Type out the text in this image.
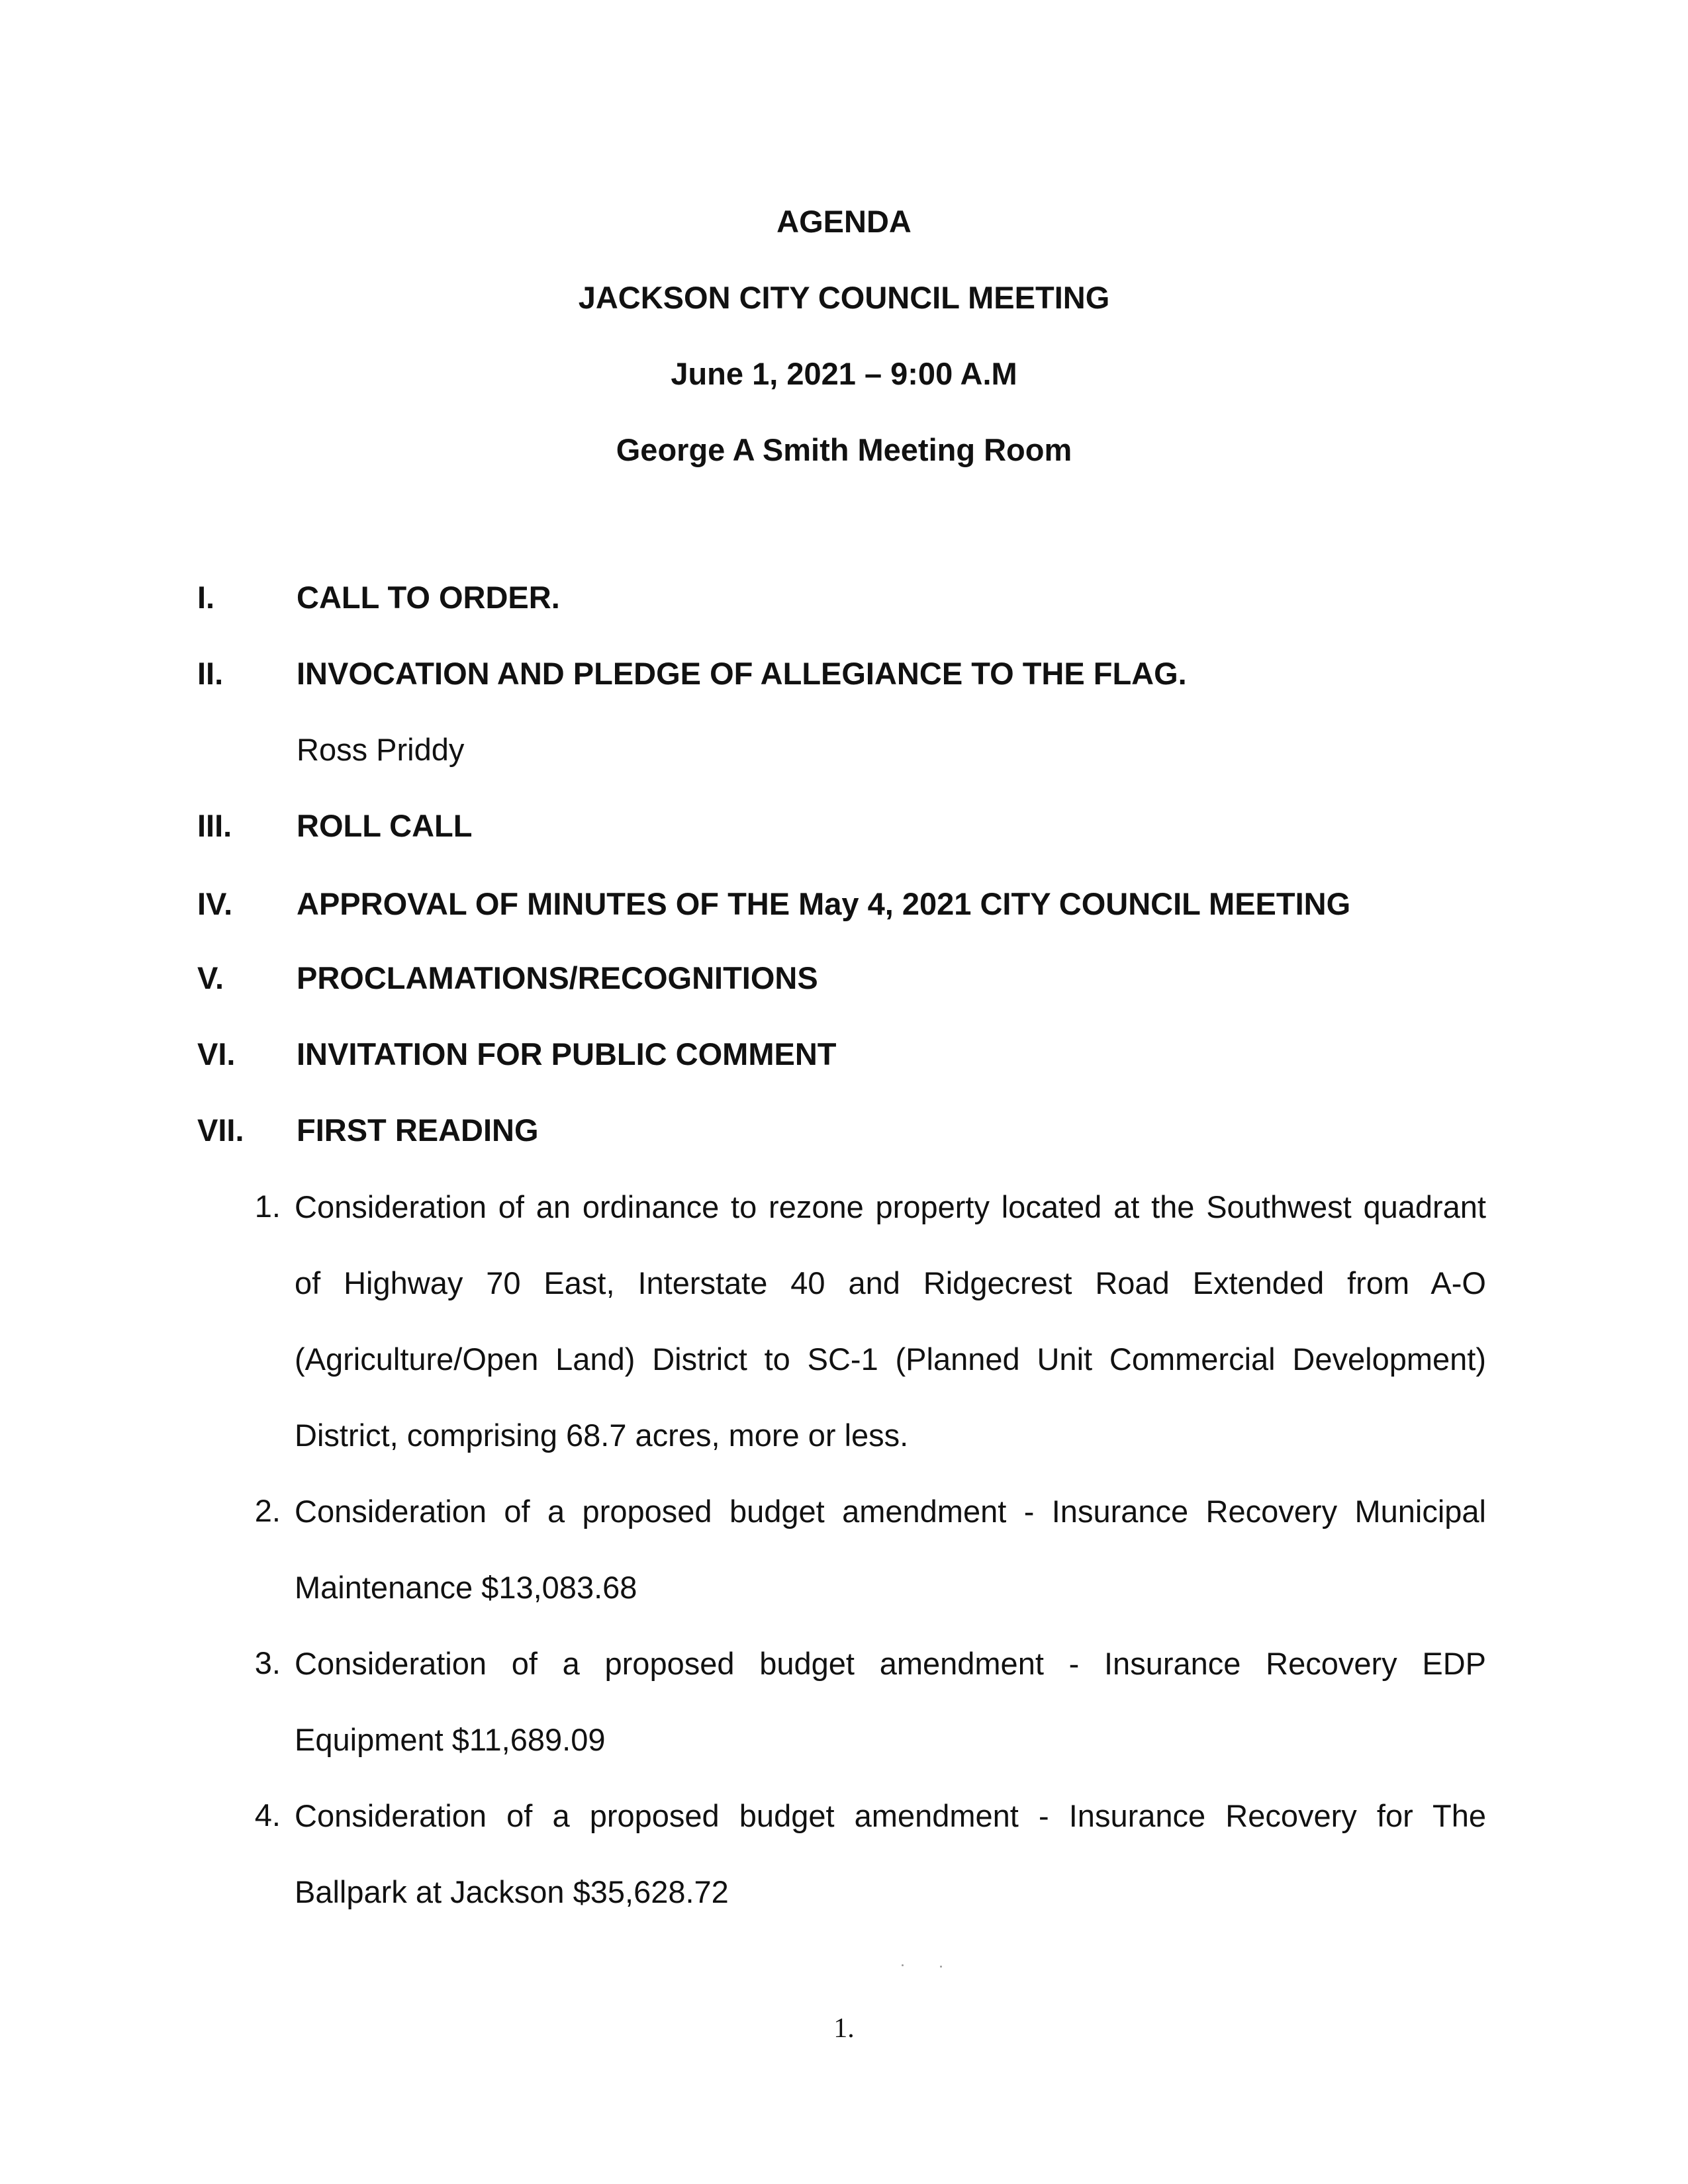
AGENDA
JACKSON CITY COUNCIL MEETING
June 1, 2021 – 9:00 A.M
George A Smith Meeting Room
I.	CALL TO ORDER.
II. INVOCATION AND PLEDGE OF ALLEGIANCE TO THE FLAG.
Ross Priddy
III. ROLL CALL
IV. APPROVAL OF MINUTES OF THE May 4, 2021 CITY COUNCIL MEETING
V. PROCLAMATIONS/RECOGNITIONS
VI. INVITATION FOR PUBLIC COMMENT
VII. FIRST READING
1. Consideration of an ordinance to rezone property located at the Southwest quadrant of Highway 70 East, Interstate 40 and Ridgecrest Road Extended from A-O (Agriculture/Open Land) District to SC-1 (Planned Unit Commercial Development) District, comprising 68.7 acres, more or less.

2. Consideration of a proposed budget amendment - Insurance Recovery Municipal Maintenance $13,083.68

3. Consideration of a proposed budget amendment - Insurance Recovery EDP Equipment $11,689.09

4. Consideration of a proposed budget amendment - Insurance Recovery for The Ballpark at Jackson $35,628.72

1.
